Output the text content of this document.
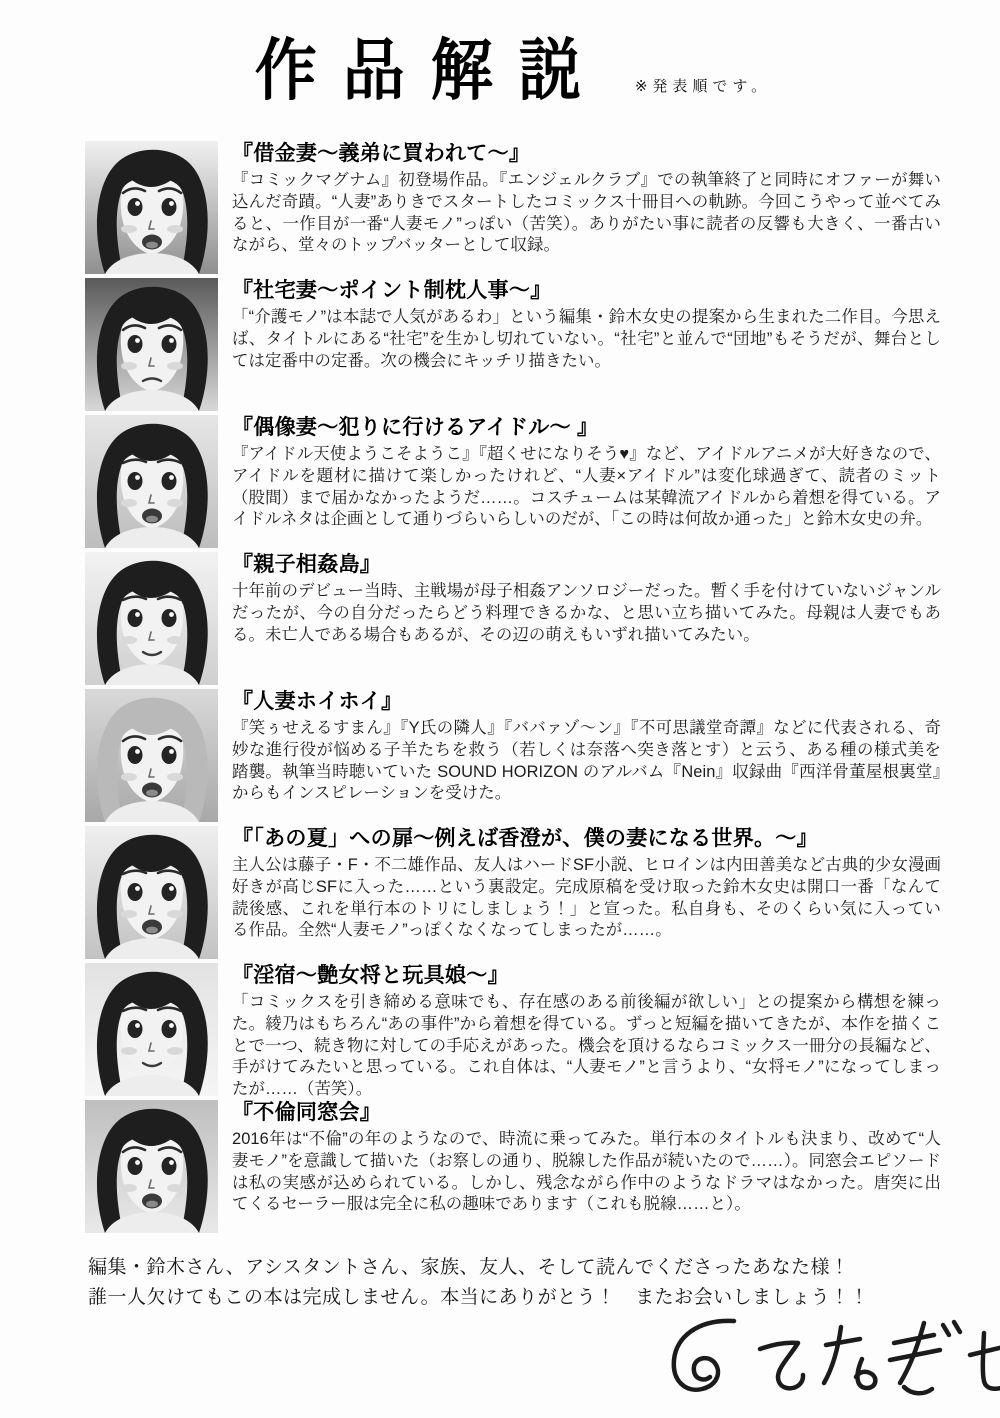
作品解説 ※発表順です。
『借金妻～義弟に買われて～』

『コミックマグナム』初登場作品。『エンジェルクラブ』での執筆終了と同時にオファーが舞い込んだ奇蹟。“人妻”ありきでスタートしたコミックス十冊目への軌跡。今回こうやって並べてみると、一作目が一番“人妻モノ”っぽい（苦笑）。ありがたい事に読者の反響も大きく、一番古いながら、堂々のトップバッターとして収録。

『社宅妻～ポイント制枕人事～』

「“介護モノ”は本誌で人気があるわ」という編集・鈴木女史の提案から生まれた二作目。今思えば、タイトルにある“社宅”を生かし切れていない。“社宅”と並んで“団地”もそうだが、舞台としては定番中の定番。次の機会にキッチリ描きたい。

『偶像妻～犯りに行けるアイドル～ 』

『アイドル天使ようこそようこ』『超くせになりそう♥』など、アイドルアニメが大好きなので、アイドルを題材に描けて楽しかったけれど、“人妻×アイドル”は変化球過ぎて、読者のミット（股間）まで届かなかったようだ……。コスチュームは某韓流アイドルから着想を得ている。アイドルネタは企画として通りづらいらしいのだが、「この時は何故か通った」と鈴木女史の弁。

『親子相姦島』

十年前のデビュー当時、主戦場が母子相姦アンソロジーだった。暫く手を付けていないジャンルだったが、今の自分だったらどう料理できるかな、と思い立ち描いてみた。母親は人妻でもある。未亡人である場合もあるが、その辺の萌えもいずれ描いてみたい。

『人妻ホイホイ』

『笑ぅせえるすまん』『Y氏の隣人』『ババァゾ～ン』『不可思議堂奇譚』などに代表される、奇妙な進行役が悩める子羊たちを救う（若しくは奈落へ突き落とす）と云う、ある種の様式美を踏襲。執筆当時聴いていた SOUND HORIZON のアルバム『Nein』収録曲『西洋骨董屋根裏堂』からもインスピレーションを受けた。

『「あの夏」への扉～例えば香澄が、僕の妻になる世界。～』

主人公は藤子・F・不二雄作品、友人はハードSF小説、ヒロインは内田善美など古典的少女漫画好きが高じSFに入った……という裏設定。完成原稿を受け取った鈴木女史は開口一番「なんて読後感、これを単行本のトリにしましょう！」と宣った。私自身も、そのくらい気に入っている作品。全然“人妻モノ”っぽくなくなってしまったが……。

『淫宿～艶女将と玩具娘～』

「コミックスを引き締める意味でも、存在感のある前後編が欲しい」との提案から構想を練った。綾乃はもちろん“あの事件”から着想を得ている。ずっと短編を描いてきたが、本作を描くことで一つ、続き物に対しての手応えがあった。機会を頂けるならコミックス一冊分の長編など、手がけてみたいと思っている。これ自体は、“人妻モノ”と言うより、“女将モノ”になってしまったが……（苦笑）。

『不倫同窓会』

2016年は“不倫”の年のようなので、時流に乗ってみた。単行本のタイトルも決まり、改めて“人妻モノ”を意識して描いた（お察しの通り、脱線した作品が続いたので……）。同窓会エピソードは私の実感が込められている。しかし、残念ながら作中のようなドラマはなかった。唐突に出てくるセーラー服は完全に私の趣味であります（これも脱線……と）。

編集・鈴木さん、アシスタントさん、家族、友人、そして読んでくださったあなた様！

誰一人欠けてもこの本は完成しません。本当にありがとう！　またお会いしましょう！！
